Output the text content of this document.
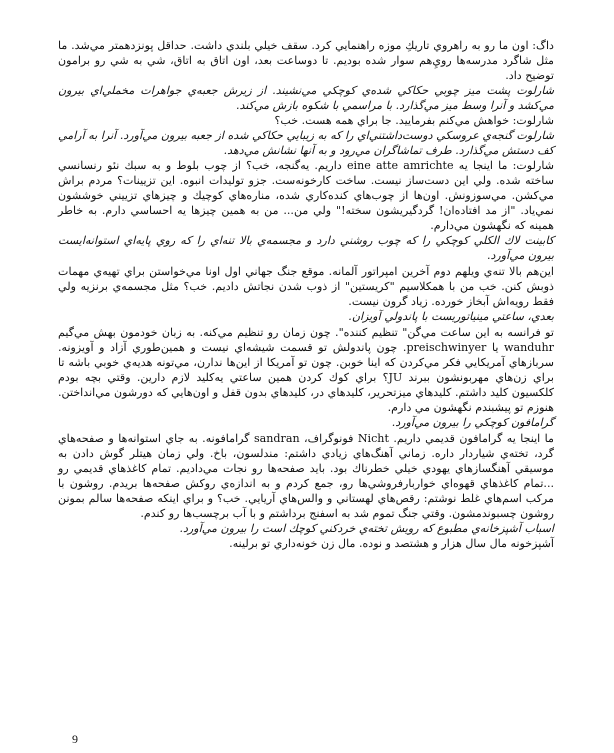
داگ: اون ما رو به راهروي تاريكِ موزه راهنمايي كرد. سقف خيلي بلندي داشت. حداقل پونزدهمتر مي‌شد. ما مثل شاگرد مدرسه‌ها رويِ‌هم سوار شده بوديم. تا دوساعت بعد، اون اتاق به اتاق، شي به شي رو برامون توضيح داد.

شارلوت پشت ميز چوبي حكاكي شده‌ي كوچكي مي‌نشيند. از زيرش جعبه‌ي جواهرات مخملي‌اي بيرون مي‌كشد و آنرا وسط ميز مي‌گذارد. با مراسمي با شكوه بازش مي‌كند.

شارلوت: خواهش مي‌كنم بفرماييد. جا براي همه هست. خب؟

شارلوت گنجه‌ي عروسكي دوست‌داشتني‌اي را كه به زيبايي حكاكي شده از جعبه بيرون مي‌آورد. آنرا به آرامي كف دستش مي‌گذارد. طرف تماشاگران مي‌رود و به آنها نشانش مي‌دهد.

شارلوت: ما اينجا يه eine atte amrichte داريم. يه‌گنجه، خب؟ از چوب بلوط و به سبك نئو رنسانسي ساخته شده. ولي اين دست‌ساز نيست. ساخت كارخونه‌ست. جزو توليدات انبوه. اين تزيينات؟ مردم براش مي‌كشن. مي‌سوزونش. اون‌ها از چوب‌هاي كنده‌كاري شده، مناره‌هاي كوچيك و چيزهاي تزييني خوششون نمي‌ياد. "از مد افتاده‌ان! گردگيريشون سخته!" ولي من... من به همين چيزها يه احساسي دارم. به خاطر همينه كه نگهشون مي‌دارم.

كابينت لاك الكلي كوچكي را كه چوب روشني دارد و مجسمه‌ي بالا تنه‌اي را كه روي پايه‌اي استوانه‌ايست بيرون مي‌آورد.

اين‌هم بالا تنه‌ي ويلهم دوم آخرين امپراتور آلمانه. موقع جنگ جهاني اول اونا مي‌خواستن براي تهيه‌ي مهمات ذوبش كنن. خب من با همكلاسيم "كريستين" از ذوب شدن نجاتش داديم. خب؟ مثل مجسمه‌ي برنزيه ولي فقط رويه‌اش آبخاز خورده. زياد گرون نيست.

بعدي، ساعتي مينياتوريست با پاندولي آويزان.

تو فرانسه به اين ساعت مي‌گن" تنظيم كننده". چون زمان رو تنظيم مي‌كنه. به زبان خودمون بهش مي‌گيم wanduhr يا preischwinyer. چون پاندولش تو قسمت شيشه‌اي نيست و همين‌طوري آزاد و آويزونه. سربازهاي آمريكايي فكر مي‌كردن كه اينا خوبن. چون تو آمريكا از اين‌ها ندارن، مي‌تونه هديه‌ي خوبي باشه تا براي زن‌هاي مهربونشون ببرند JU؟ براي كوك كردن همين ساعتي يه‌كليد لازم دارين. وقتي بچه بودم كلكسيون كليد داشتم. كليدهاي ميز‌تحرير، كليدهاي در، كليدهاي بدون قفل و اون‌هايي كه دورشون مي‌انداختن. هنوزم تو پيشبندم نگهشون مي دارم.

گرامافون كوچكي را بيرون مي‌آورد.

ما اينجا يه گرامافون قديمي داريم. Nicht فونوگراف، sandran گرامافونه. به جاي استوانه‌ها و صفحه‌هاي گرد، تخته‌ي شيار‌دار داره. زماني آهنگ‌هاي زيادي داشتم: مندلسون، باخ. ولي زمان هيتلر گوش دادن به موسيقي آهنگسازهاي يهودي خيلي خطرناك بود. بايد صفحه‌ها رو نجات مي‌داديم. تمام كاغذهاي قديمي رو ...تمام كاغذهاي قهوه‌اي خواربارفروشي‌ها رو، جمع كردم و به اندازه‌ي روكش صفحه‌ها بريدم. روشون با مركب اسم‌هاي غلط نوشتم: رقص‌هاي لهستاني و والس‌هاي آريايي. خب؟ و براي اينكه صفحه‌ها سالم بمونن روشون چسبوندمشون. وقتي جنگ تموم شد به اسفنج برداشتم و با آب برچسب‌ها رو كندم.

اسباب آشپزخانه‌ي مطبوع كه رويش تخته‌ي خردكني كوچك است را بيرون مي‌آورد.

آشپزخونه مال سال هزار و هشتصد و نوده. مال زن خونه‌داري تو برلينه.

9
